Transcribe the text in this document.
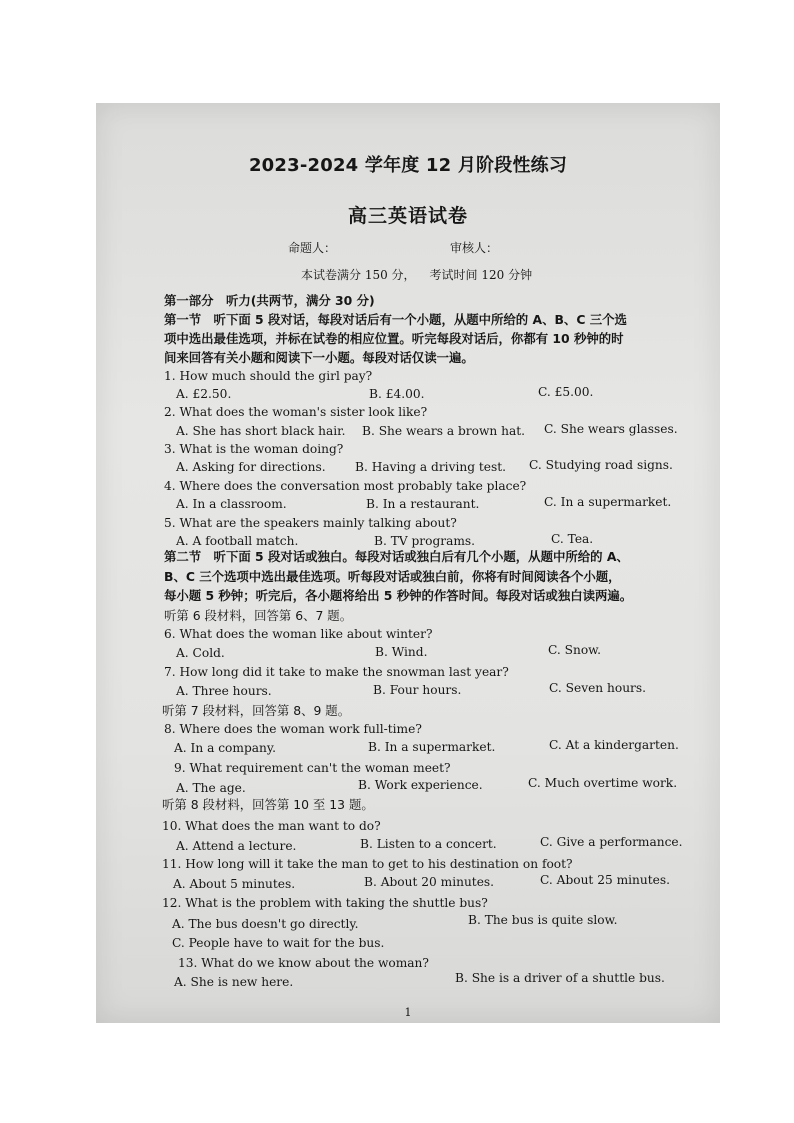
2023-2024 学年度 12 月阶段性练习
高三英语试卷
命题人：	审核人：
本试卷满分 150 分， 考试时间 120 分钟
第一部分　听力(共两节，满分 30 分)
第一节　听下面 5 段对话，每段对话后有一个小题，从题中所给的 A、B、C 三个选
项中选出最佳选项，并标在试卷的相应位置。听完每段对话后，你都有 10 秒钟的时
间来回答有关小题和阅读下一小题。每段对话仅读一遍。
1. How much should the girl pay?
A. £2.50.	B. £4.00.	C. £5.00.
2. What does the woman's sister look like?
A. She has short black hair. B. She wears a brown hat. C. She wears glasses.
3. What is the woman doing?
A. Asking for directions. B. Having a driving test. C. Studying road signs.
4. Where does the conversation most probably take place?
A. In a classroom.	B. In a restaurant.	C. In a supermarket.
5. What are the speakers mainly talking about?
A. A football match.	B. TV programs.	C. Tea.
第二节　听下面 5 段对话或独白。每段对话或独白后有几个小题，从题中所给的 A、
B、C 三个选项中选出最佳选项。听每段对话或独白前，你将有时间阅读各个小题，
每小题 5 秒钟；听完后，各小题将给出 5 秒钟的作答时间。每段对话或独白读两遍。
听第 6 段材料，回答第 6、7 题。
6. What does the woman like about winter?
A. Cold.	B. Wind.	C. Snow.
7. How long did it take to make the snowman last year?
A. Three hours.	B. Four hours.	C. Seven hours.
听第 7 段材料，回答第 8、9 题。
8. Where does the woman work full-time?
A. In a company.	B. In a supermarket.	C. At a kindergarten.
9. What requirement can't the woman meet?
A. The age.	B. Work experience.	C. Much overtime work.
听第 8 段材料，回答第 10 至 13 题。
10. What does the man want to do?
A. Attend a lecture.	B. Listen to a concert.	C. Give a performance.
11. How long will it take the man to get to his destination on foot?
A. About 5 minutes.	B. About 20 minutes.	C. About 25 minutes.
12. What is the problem with taking the shuttle bus?
A. The bus doesn't go directly.	B. The bus is quite slow.
C. People have to wait for the bus.
13. What do we know about the woman?
A. She is new here.	B. She is a driver of a shuttle bus.
1
